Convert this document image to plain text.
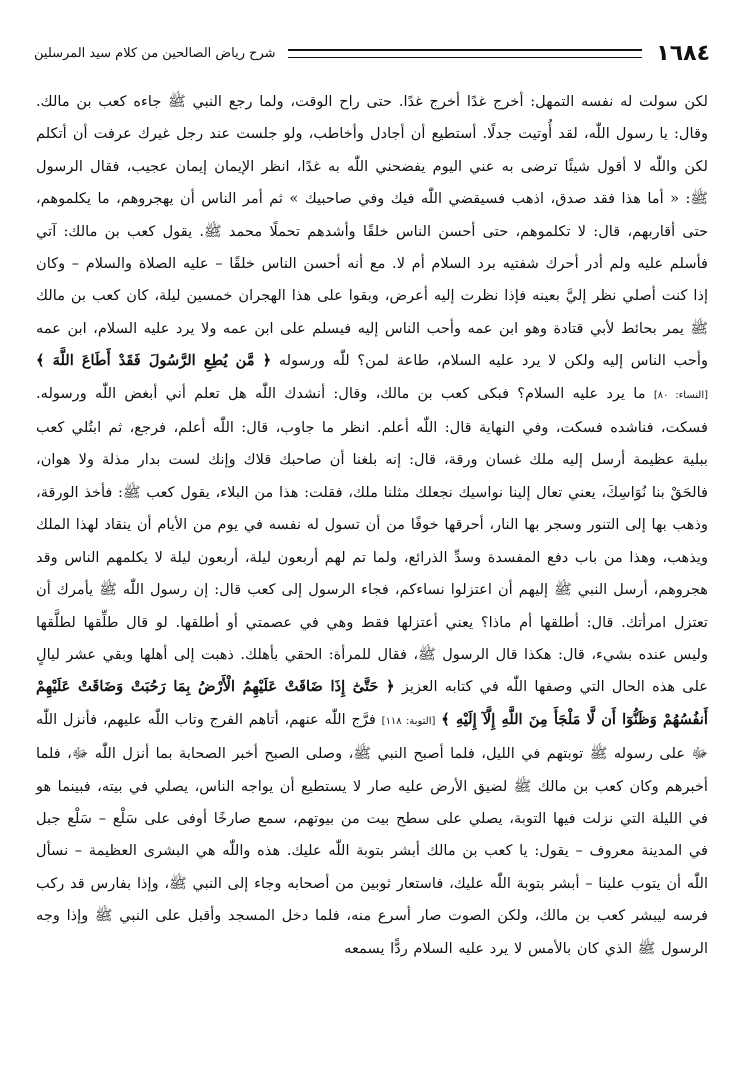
١٦٨٤
شرح رياض الصالحين من كلام سيد المرسلين

لكن سولت له نفسه التمهل: أخرج غدًا أخرج غدًا. حتى راح الوقت، ولما رجع النبي ﷺ جاءه كعب بن مالك. وقال: يا رسول اللّٰه، لقد أُوتيت جدلًا. أستطيع أن أجادل وأخاطب، ولو جلست عند رجل غيرك عرفت أن أتكلم لكن واللّٰه لا أقول شيئًا ترضى به عني اليوم يفضحني اللّٰه به غدًا، انظر الإيمان إيمان عجيب، فقال الرسول ﷺ: « أما هذا فقد صدق، اذهب فسيقضي اللّٰه فيك وفي صاحبيك » ثم أمر الناس أن يهجروهم، ما يكلموهم، حتى أقاربهم، قال: لا تكلموهم، حتى أحسن الناس خلقًا وأشدهم تحملًا محمد ﷺ. يقول كعب بن مالك: آتي فأسلم عليه ولم أدر أحرك شفتيه برد السلام أم لا. مع أنه أحسن الناس خلقًا – عليه الصلاة والسلام – وكان إذا كنت أصلي نظر إليَّ بعينه فإذا نظرت إليه أعرض، وبقوا على هذا الهجران خمسين ليلة، كان كعب بن مالك ﷺ يمر بحائط لأبي قتادة وهو ابن عمه وأحب الناس إليه فيسلم على ابن عمه ولا يرد عليه السلام، ابن عمه وأحب الناس إليه ولكن لا يرد عليه السلام، طاعة لمن؟ للّٰه ورسوله ﴿ مَّن يُطِعِ الرَّسُولَ فَقَدْ أَطَاعَ اللَّهَ ﴾ [النساء: ٨٠] ما يرد عليه السلام؟ فبكى كعب بن مالك، وقال: أنشدك اللّٰه هل تعلم أني أبغض اللّٰه ورسوله. فسكت، فناشده فسكت، وفي النهاية قال: اللّٰه أعلم. انظر ما جاوب، قال: اللّٰه أعلم، فرجع، ثم ابتُلي كعب ببلية عظيمة أرسل إليه ملك غسان ورقة، قال: إنه بلغنا أن صاحبك قلاك وإنك لست بدار مذلة ولا هوان، فالحَقْ بنا نُوَاسِكَ، يعني تعال إلينا نواسيك نجعلك مثلنا ملك، فقلت: هذا من البلاء، يقول كعب ﷺ: فأخذ الورقة، وذهب بها إلى التنور وسجر بها النار، أحرقها خوفًا من أن تسول له نفسه في يوم من الأيام أن ينقاد لهذا الملك ويذهب، وهذا من باب دفع المفسدة وسدِّ الذرائع، ولما تم لهم أربعون ليلة، أربعون ليلة لا يكلمهم الناس وقد هجروهم، أرسل النبي ﷺ إليهم أن اعتزلوا نساءكم، فجاء الرسول إلى كعب قال: إن رسول اللّٰه ﷺ يأمرك أن تعتزل امرأتك. قال: أطلقها أم ماذا؟ يعني أعتزلها فقط وهي في عصمتي أو أطلقها. لو قال طلِّقها لطلَّقها وليس عنده بشيء، قال: هكذا قال الرسول ﷺ، فقال للمرأة: الحقي بأهلك. ذهبت إلى أهلها وبقي عشر ليالٍ على هذه الحال التي وصفها اللّٰه في كتابه العزيز ﴿ حَتَّىٰٓ إِذَا ضَاقَتْ عَلَيْهِمُ الْأَرْضُ بِمَا رَحُبَتْ وَضَاقَتْ عَلَيْهِمْ أَنفُسُهُمْ وَظَنُّوٓا أَن لَّا مَلْجَأَ مِنَ اللَّهِ إِلَّآ إِلَيْهِ ﴾ [التوبة: ١١٨] فرَّج اللّٰه عنهم، أتاهم الفرج وتاب اللّٰه عليهم، فأنزل اللّٰه ﷻ على رسوله ﷺ توبتهم في الليل، فلما أصبح النبي ﷺ، وصلى الصبح أخبر الصحابة بما أنزل اللّٰه ﷻ، فلما أخبرهم وكان كعب بن مالك ﷺ لضيق الأرض عليه صار لا يستطيع أن يواجه الناس، يصلي في بيته، فبينما هو في الليلة التي نزلت فيها التوبة، يصلي على سطح بيت من بيوتهم، سمع صارخًا أوفى على سَلْع – سَلْع جبل في المدينة معروف – يقول: يا كعب بن مالك أبشر بتوبة اللّٰه عليك. هذه واللّٰه هي البشرى العظيمة – نسأل اللّٰه أن يتوب علينا – أبشر بتوبة اللّٰه عليك، فاستعار ثوبين من أصحابه وجاء إلى النبي ﷺ، وإذا بفارس قد ركب فرسه ليبشر كعب بن مالك، ولكن الصوت صار أسرع منه، فلما دخل المسجد وأقبل على النبي ﷺ وإذا وجه الرسول ﷺ الذي كان بالأمس لا يرد عليه السلام ردًّا يسمعه
